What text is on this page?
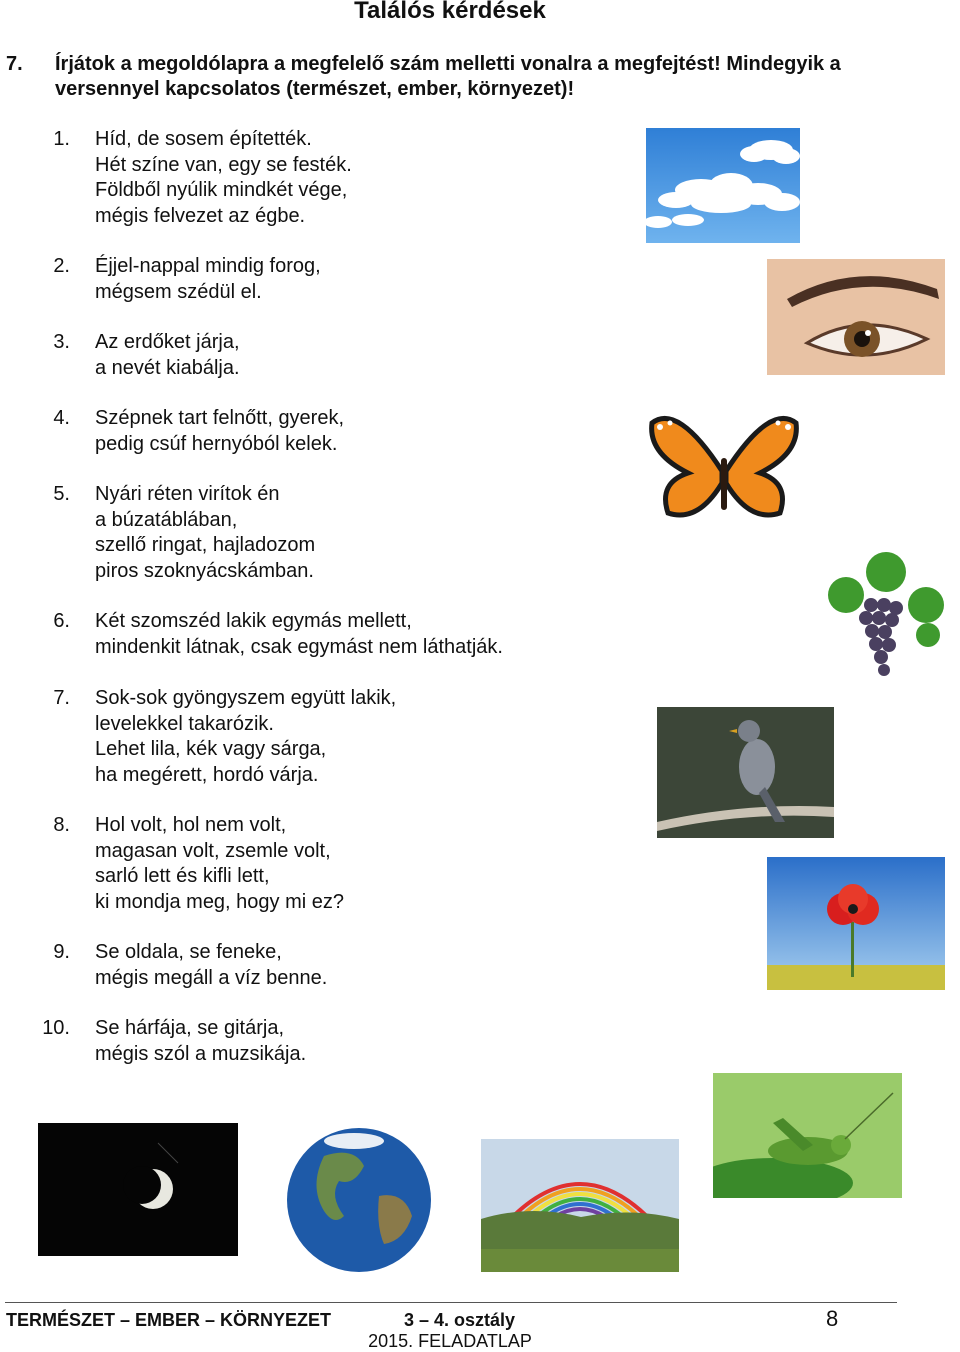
Találós kérdések
7. Írjátok a megoldólapra a megfelelő szám melletti vonalra a megfejtést! Mindegyik a versennyel kapcsolatos (természet, ember, környezet)!
1. Híd, de sosem építették.
Hét színe van, egy se festék.
Földből nyúlik mindkét vége,
mégis felvezet az égbe.
2. Éjjel-nappal mindig forog,
mégsem szédül el.
3. Az erdőket járja,
a nevét kiabálja.
4. Szépnek tart felnőtt, gyerek,
pedig csúf hernyóból kelek.
5. Nyári réten virítok én
a búzatáblában,
szellő ringat, hajladozom
piros szoknyácskámban.
6. Két szomszéd lakik egymás mellett,
mindenkit látnak, csak egymást nem láthatják.
7. Sok-sok gyöngyszem együtt lakik,
levelekkel takarózik.
Lehet lila, kék vagy sárga,
ha megérett, hordó várja.
8. Hol volt, hol nem volt,
magasan volt, zsemle volt,
sarló lett és kifli lett,
ki mondja meg, hogy mi ez?
9. Se oldala, se feneke,
mégis megáll a víz benne.
10. Se hárfája, se gitárja,
mégis szól a muzsikája.
TERMÉSZET – EMBER – KÖRNYEZET	3 – 4. osztály
2015. FELADATLAP
8
